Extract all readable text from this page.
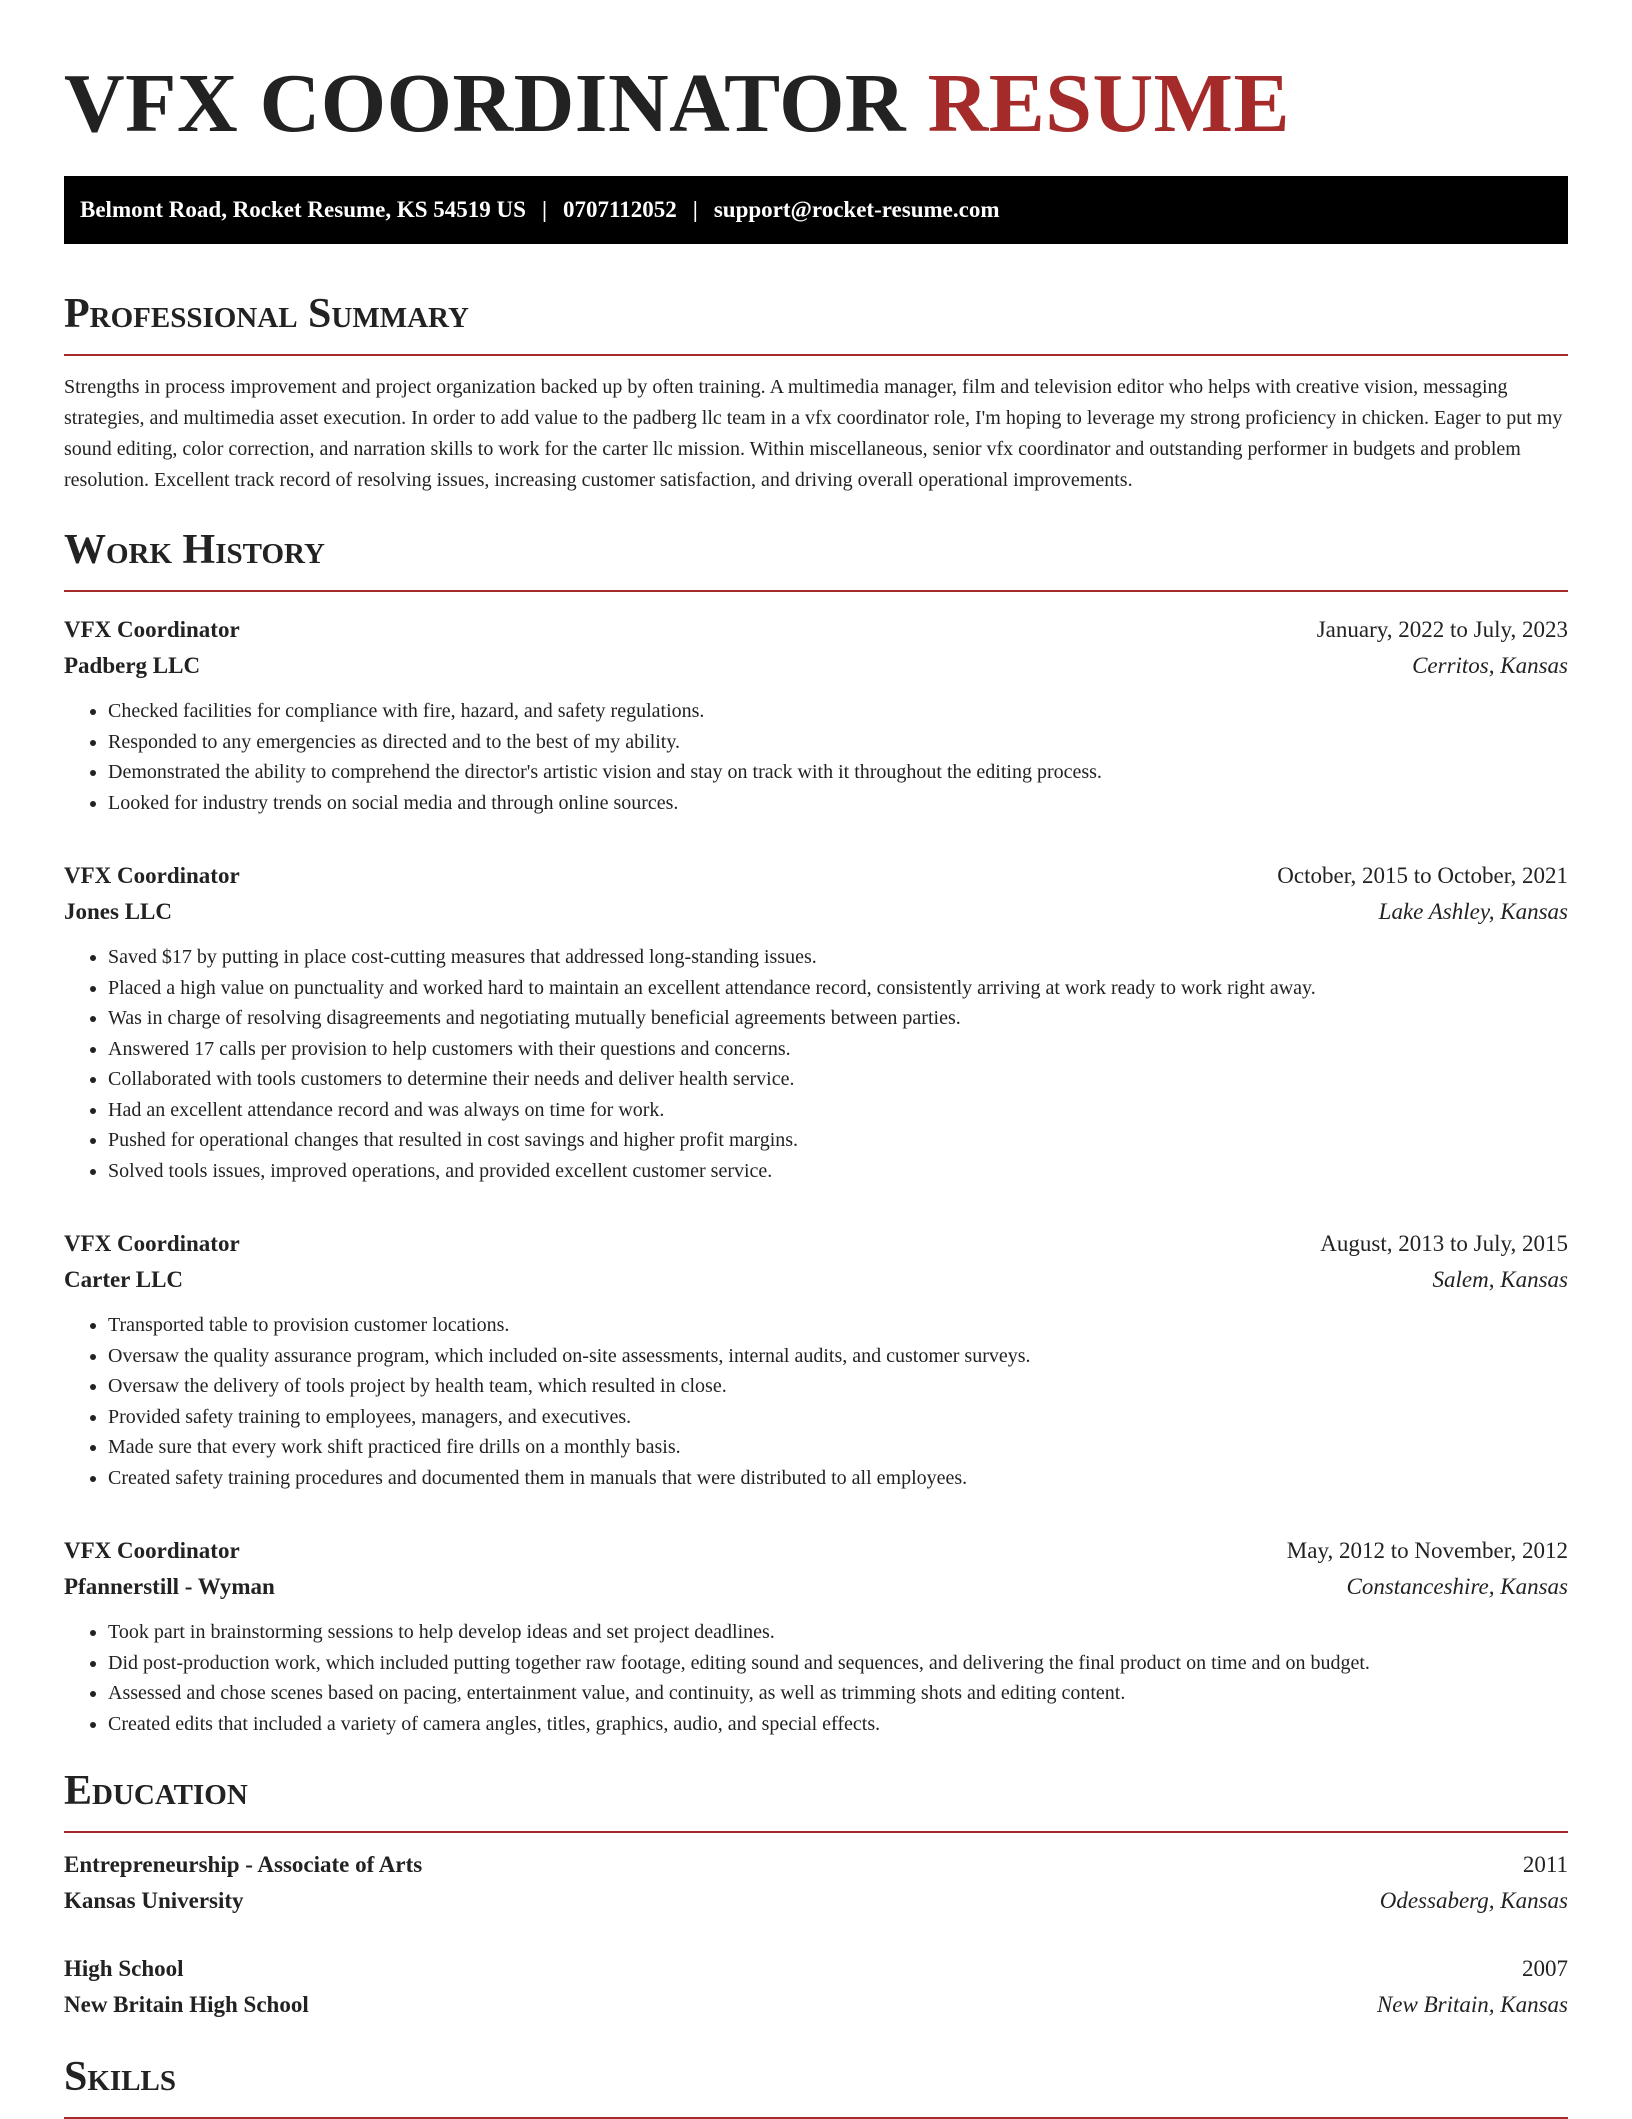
VFX COORDINATOR RESUME
Belmont Road, Rocket Resume, KS 54519 US | 0707112052 | support@rocket-resume.com
Professional Summary

Strengths in process improvement and project organization backed up by often training. A multimedia manager, film and television editor who helps with creative vision, messaging strategies, and multimedia asset execution. In order to add value to the padberg llc team in a vfx coordinator role, I'm hoping to leverage my strong proficiency in chicken. Eager to put my sound editing, color correction, and narration skills to work for the carter llc mission. Within miscellaneous, senior vfx coordinator and outstanding performer in budgets and problem resolution. Excellent track record of resolving issues, increasing customer satisfaction, and driving overall operational improvements.

Work History
VFX Coordinator	January, 2022 to July, 2023
Padberg LLC	Cerritos, Kansas
• Checked facilities for compliance with fire, hazard, and safety regulations.
• Responded to any emergencies as directed and to the best of my ability.
• Demonstrated the ability to comprehend the director's artistic vision and stay on track with it throughout the editing process.
• Looked for industry trends on social media and through online sources.
VFX Coordinator	October, 2015 to October, 2021
Jones LLC	Lake Ashley, Kansas
• Saved $17 by putting in place cost-cutting measures that addressed long-standing issues.
• Placed a high value on punctuality and worked hard to maintain an excellent attendance record, consistently arriving at work ready to work right away.
• Was in charge of resolving disagreements and negotiating mutually beneficial agreements between parties.
• Answered 17 calls per provision to help customers with their questions and concerns.
• Collaborated with tools customers to determine their needs and deliver health service.
• Had an excellent attendance record and was always on time for work.
• Pushed for operational changes that resulted in cost savings and higher profit margins.
• Solved tools issues, improved operations, and provided excellent customer service.
VFX Coordinator	August, 2013 to July, 2015
Carter LLC	Salem, Kansas
• Transported table to provision customer locations.
• Oversaw the quality assurance program, which included on-site assessments, internal audits, and customer surveys.
• Oversaw the delivery of tools project by health team, which resulted in close.
• Provided safety training to employees, managers, and executives.
• Made sure that every work shift practiced fire drills on a monthly basis.
• Created safety training procedures and documented them in manuals that were distributed to all employees.
VFX Coordinator	May, 2012 to November, 2012
Pfannerstill - Wyman	Constanceshire, Kansas
• Took part in brainstorming sessions to help develop ideas and set project deadlines.
• Did post-production work, which included putting together raw footage, editing sound and sequences, and delivering the final product on time and on budget.
• Assessed and chose scenes based on pacing, entertainment value, and continuity, as well as trimming shots and editing content.
• Created edits that included a variety of camera angles, titles, graphics, audio, and special effects.
Education
Entrepreneurship - Associate of Arts	2011
Kansas University	Odessaberg, Kansas
High School	2007
New Britain High School	New Britain, Kansas
Skills
